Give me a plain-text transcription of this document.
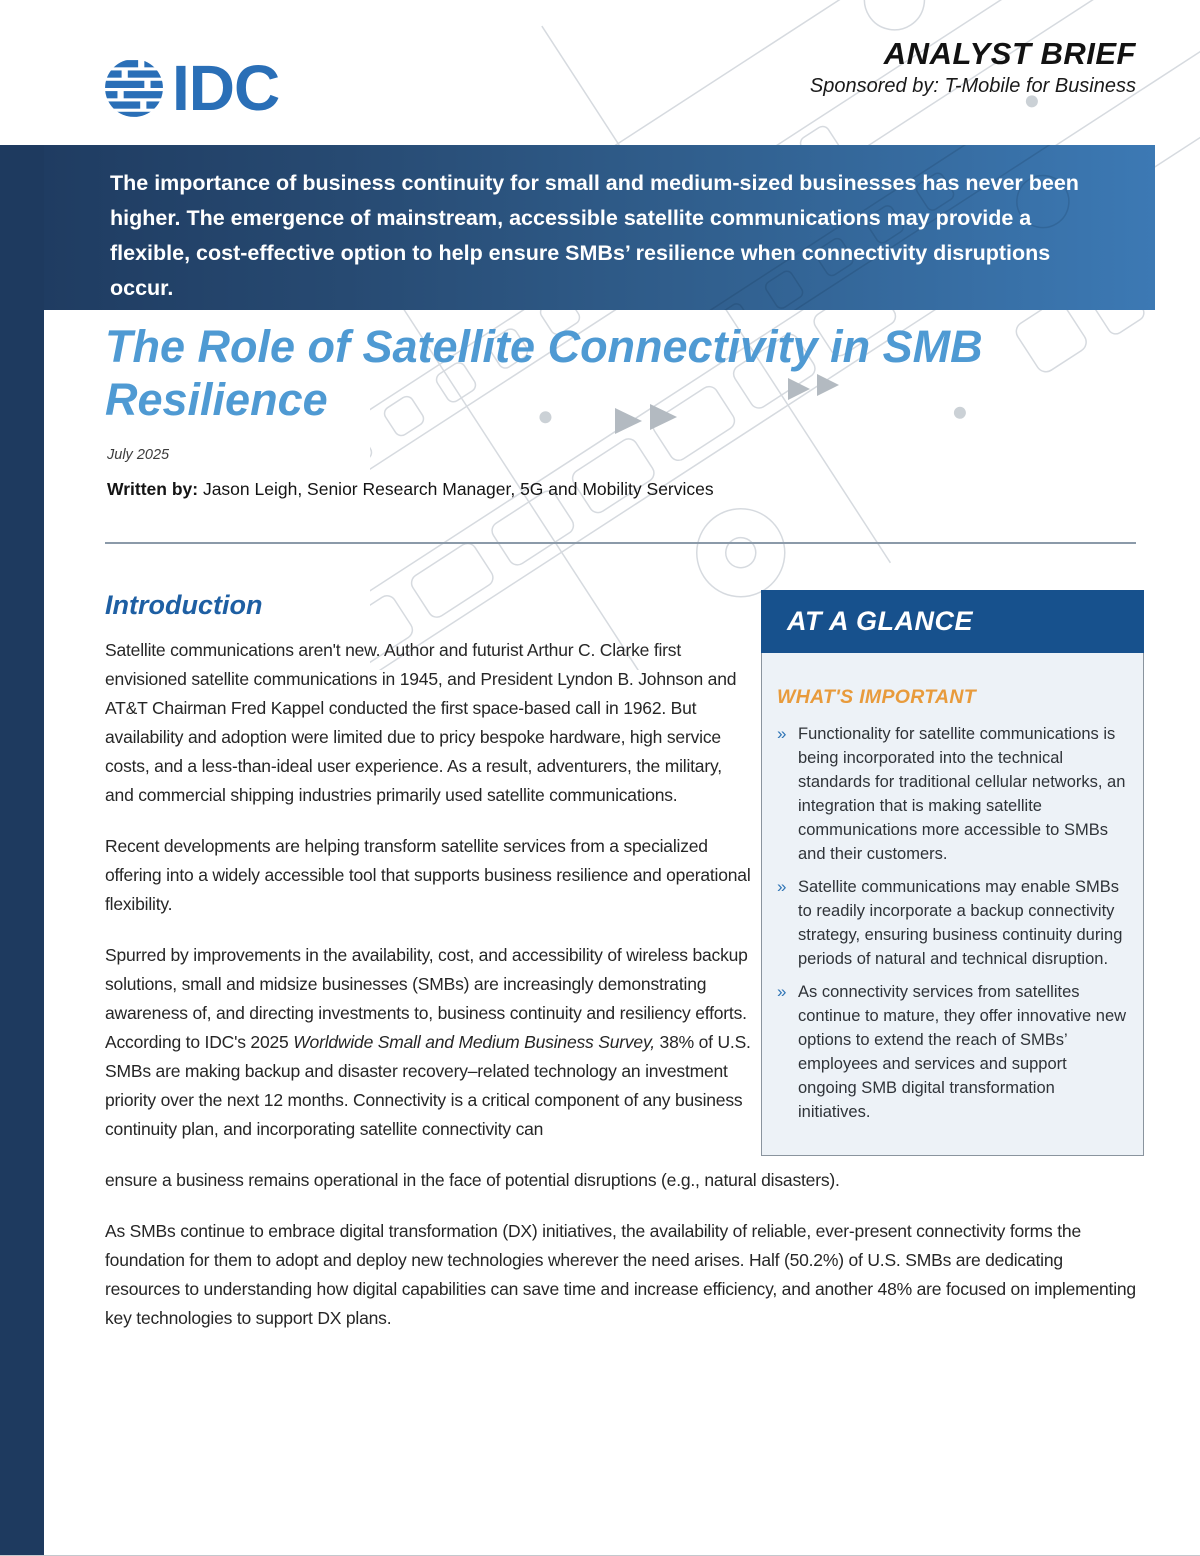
IDC	ANALYST BRIEF
Sponsored by: T-Mobile for Business

The importance of business continuity for small and medium-sized businesses has never been higher. The emergence of mainstream, accessible satellite communications may provide a flexible, cost-effective option to help ensure SMBs’ resilience when connectivity disruptions occur.

The Role of Satellite Connectivity in SMB Resilience
July 2025
Written by: Jason Leigh, Senior Research Manager, 5G and Mobility Services
Introduction

Satellite communications aren't new. Author and futurist Arthur C. Clarke first envisioned satellite communications in 1945, and President Lyndon B. Johnson and AT&T Chairman Fred Kappel conducted the first space-based call in 1962. But availability and adoption were limited due to pricy bespoke hardware, high service costs, and a less-than-ideal user experience. As a result, adventurers, the military, and commercial shipping industries primarily used satellite communications.

Recent developments are helping transform satellite services from a specialized offering into a widely accessible tool that supports business resilience and operational flexibility.

Spurred by improvements in the availability, cost, and accessibility of wireless backup solutions, small and midsize businesses (SMBs) are increasingly demonstrating awareness of, and directing investments to, business continuity and resiliency efforts. According to IDC's 2025 Worldwide Small and Medium Business Survey, 38% of U.S. SMBs are making backup and disaster recovery–related technology an investment priority over the next 12 months. Connectivity is a critical component of any business continuity plan, and incorporating satellite connectivity can

AT A GLANCE
WHAT'S IMPORTANT
» Functionality for satellite communications is being incorporated into the technical standards for traditional cellular networks, an integration that is making satellite communications more accessible to SMBs and their customers.
» Satellite communications may enable SMBs to readily incorporate a backup connectivity strategy, ensuring business continuity during periods of natural and technical disruption.
» As connectivity services from satellites continue to mature, they offer innovative new options to extend the reach of SMBs’ employees and services and support ongoing SMB digital transformation initiatives.

ensure a business remains operational in the face of potential disruptions (e.g., natural disasters).

As SMBs continue to embrace digital transformation (DX) initiatives, the availability of reliable, ever-present connectivity forms the foundation for them to adopt and deploy new technologies wherever the need arises. Half (50.2%) of U.S. SMBs are dedicating resources to understanding how digital capabilities can save time and increase efficiency, and another 48% are focused on implementing key technologies to support DX plans.
